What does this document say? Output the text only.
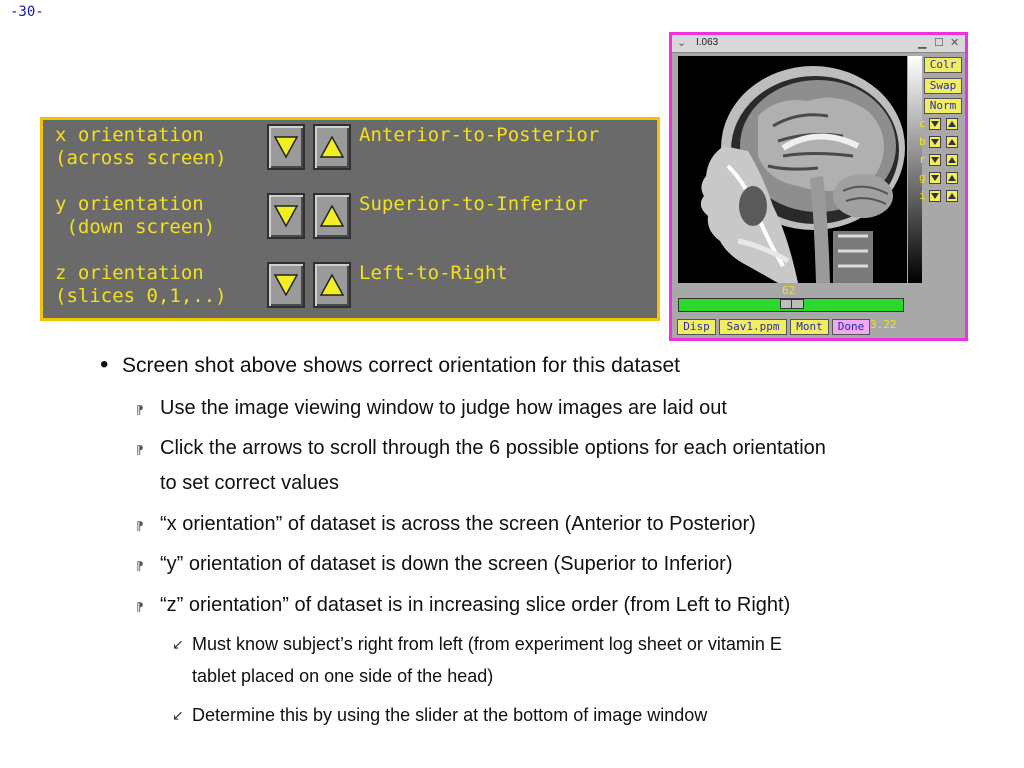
-30-
x orientation
(across screen)
Anterior-to-Posterior
y orientation
(down screen)
Superior-to-Inferior
z orientation
(slices 0,1,..)
Left-to-Right
⌄ I.063	▁ ☐ ✕
Colr
Swap
Norm
c
b
r
g
i
62
Disp	Sav1.ppm	Mont	Done 3.22
• Screen shot above shows correct orientation for this dataset
⁋ Use the image viewing window to judge how images are laid out
⁋ Click the arrows to scroll through the 6 possible options for each orientation
to set correct values
⁋ “x orientation” of dataset is across the screen (Anterior to Posterior)
⁋ “y” orientation of dataset is down the screen (Superior to Inferior)
⁋ “z” orientation” of dataset is in increasing slice order (from Left to Right)
↙ Must know subject’s right from left (from experiment log sheet or vitamin E
tablet placed on one side of the head)
↙ Determine this by using the slider at the bottom of image window
